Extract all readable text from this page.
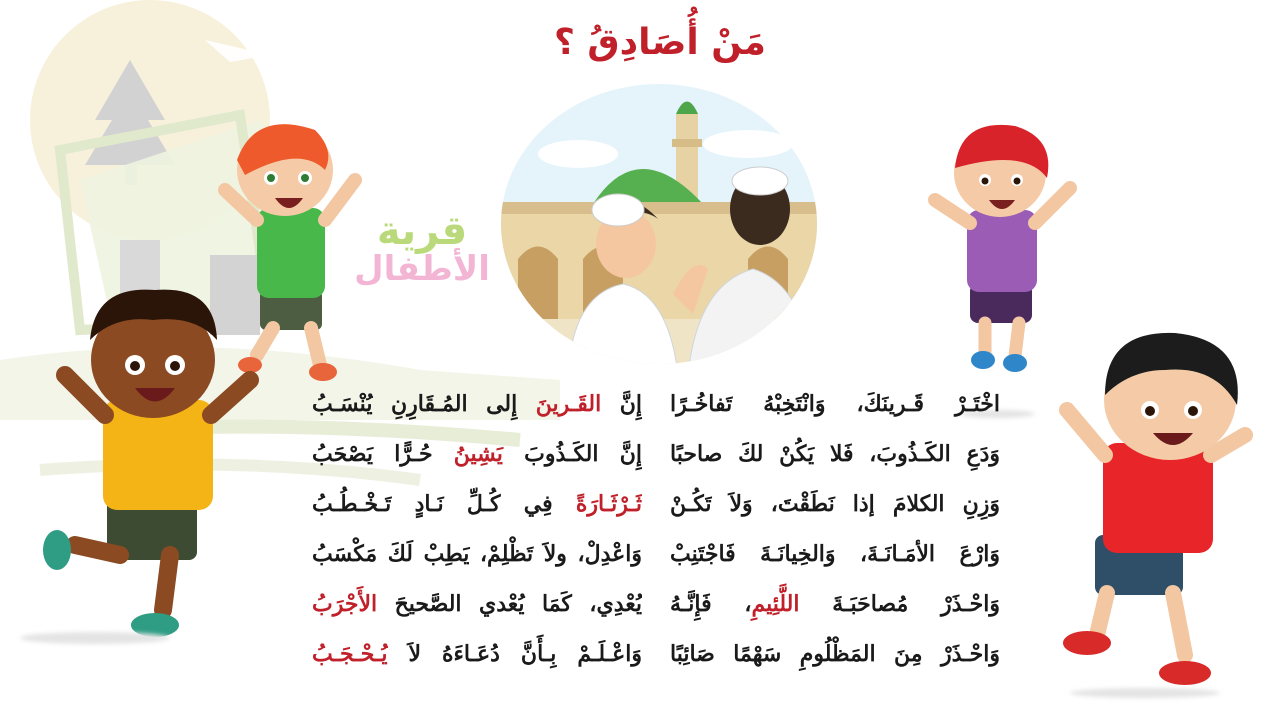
مَنْ أُصَادِقُ ؟
قرية
الأطفال
اخْتَـرْ قَـرينَكَ، وَانْتَخِبْهُ تَفاخُـرًا
إِنَّ القَـرينَ إِلى المُـقَارِنِ يُنْسَـبُ
وَدَعِ الكَـذُوبَ، فَلا يَكُنْ لكَ صاحبًا
إِنَّ الكَـذُوبَ يَشِينُ حُـرًّا يَصْحَبُ
وَزِنِ الكلامَ إذا نَطَقْتَ، وَلاَ تَكُـنْ
ثَـرْثَـارَةً فِي كُـلِّ نَـادٍ تَـخْـطُـبُ
وَارْعَ الأمَـانَـةَ، وَالخِيانَـةَ فَاجْتَنِبْ
وَاعْدِلْ، ولاَ تَظْلِمْ، يَطِبْ لَكَ مَكْسَبُ
وَاحْـذَرْ مُصاحَبَـةَ اللَّئِيمِ، فَإِنَّـهُ
يُعْدِي، كَمَا يُعْدي الصَّحيحَ الأَجْرَبُ
وَاحْـذَرْ مِنَ المَظْلُومِ سَهْمًا صَائِبًا
وَاعْـلَـمْ بِـأَنَّ دُعَـاءَهُ لاَ يُـحْـجَـبُ
